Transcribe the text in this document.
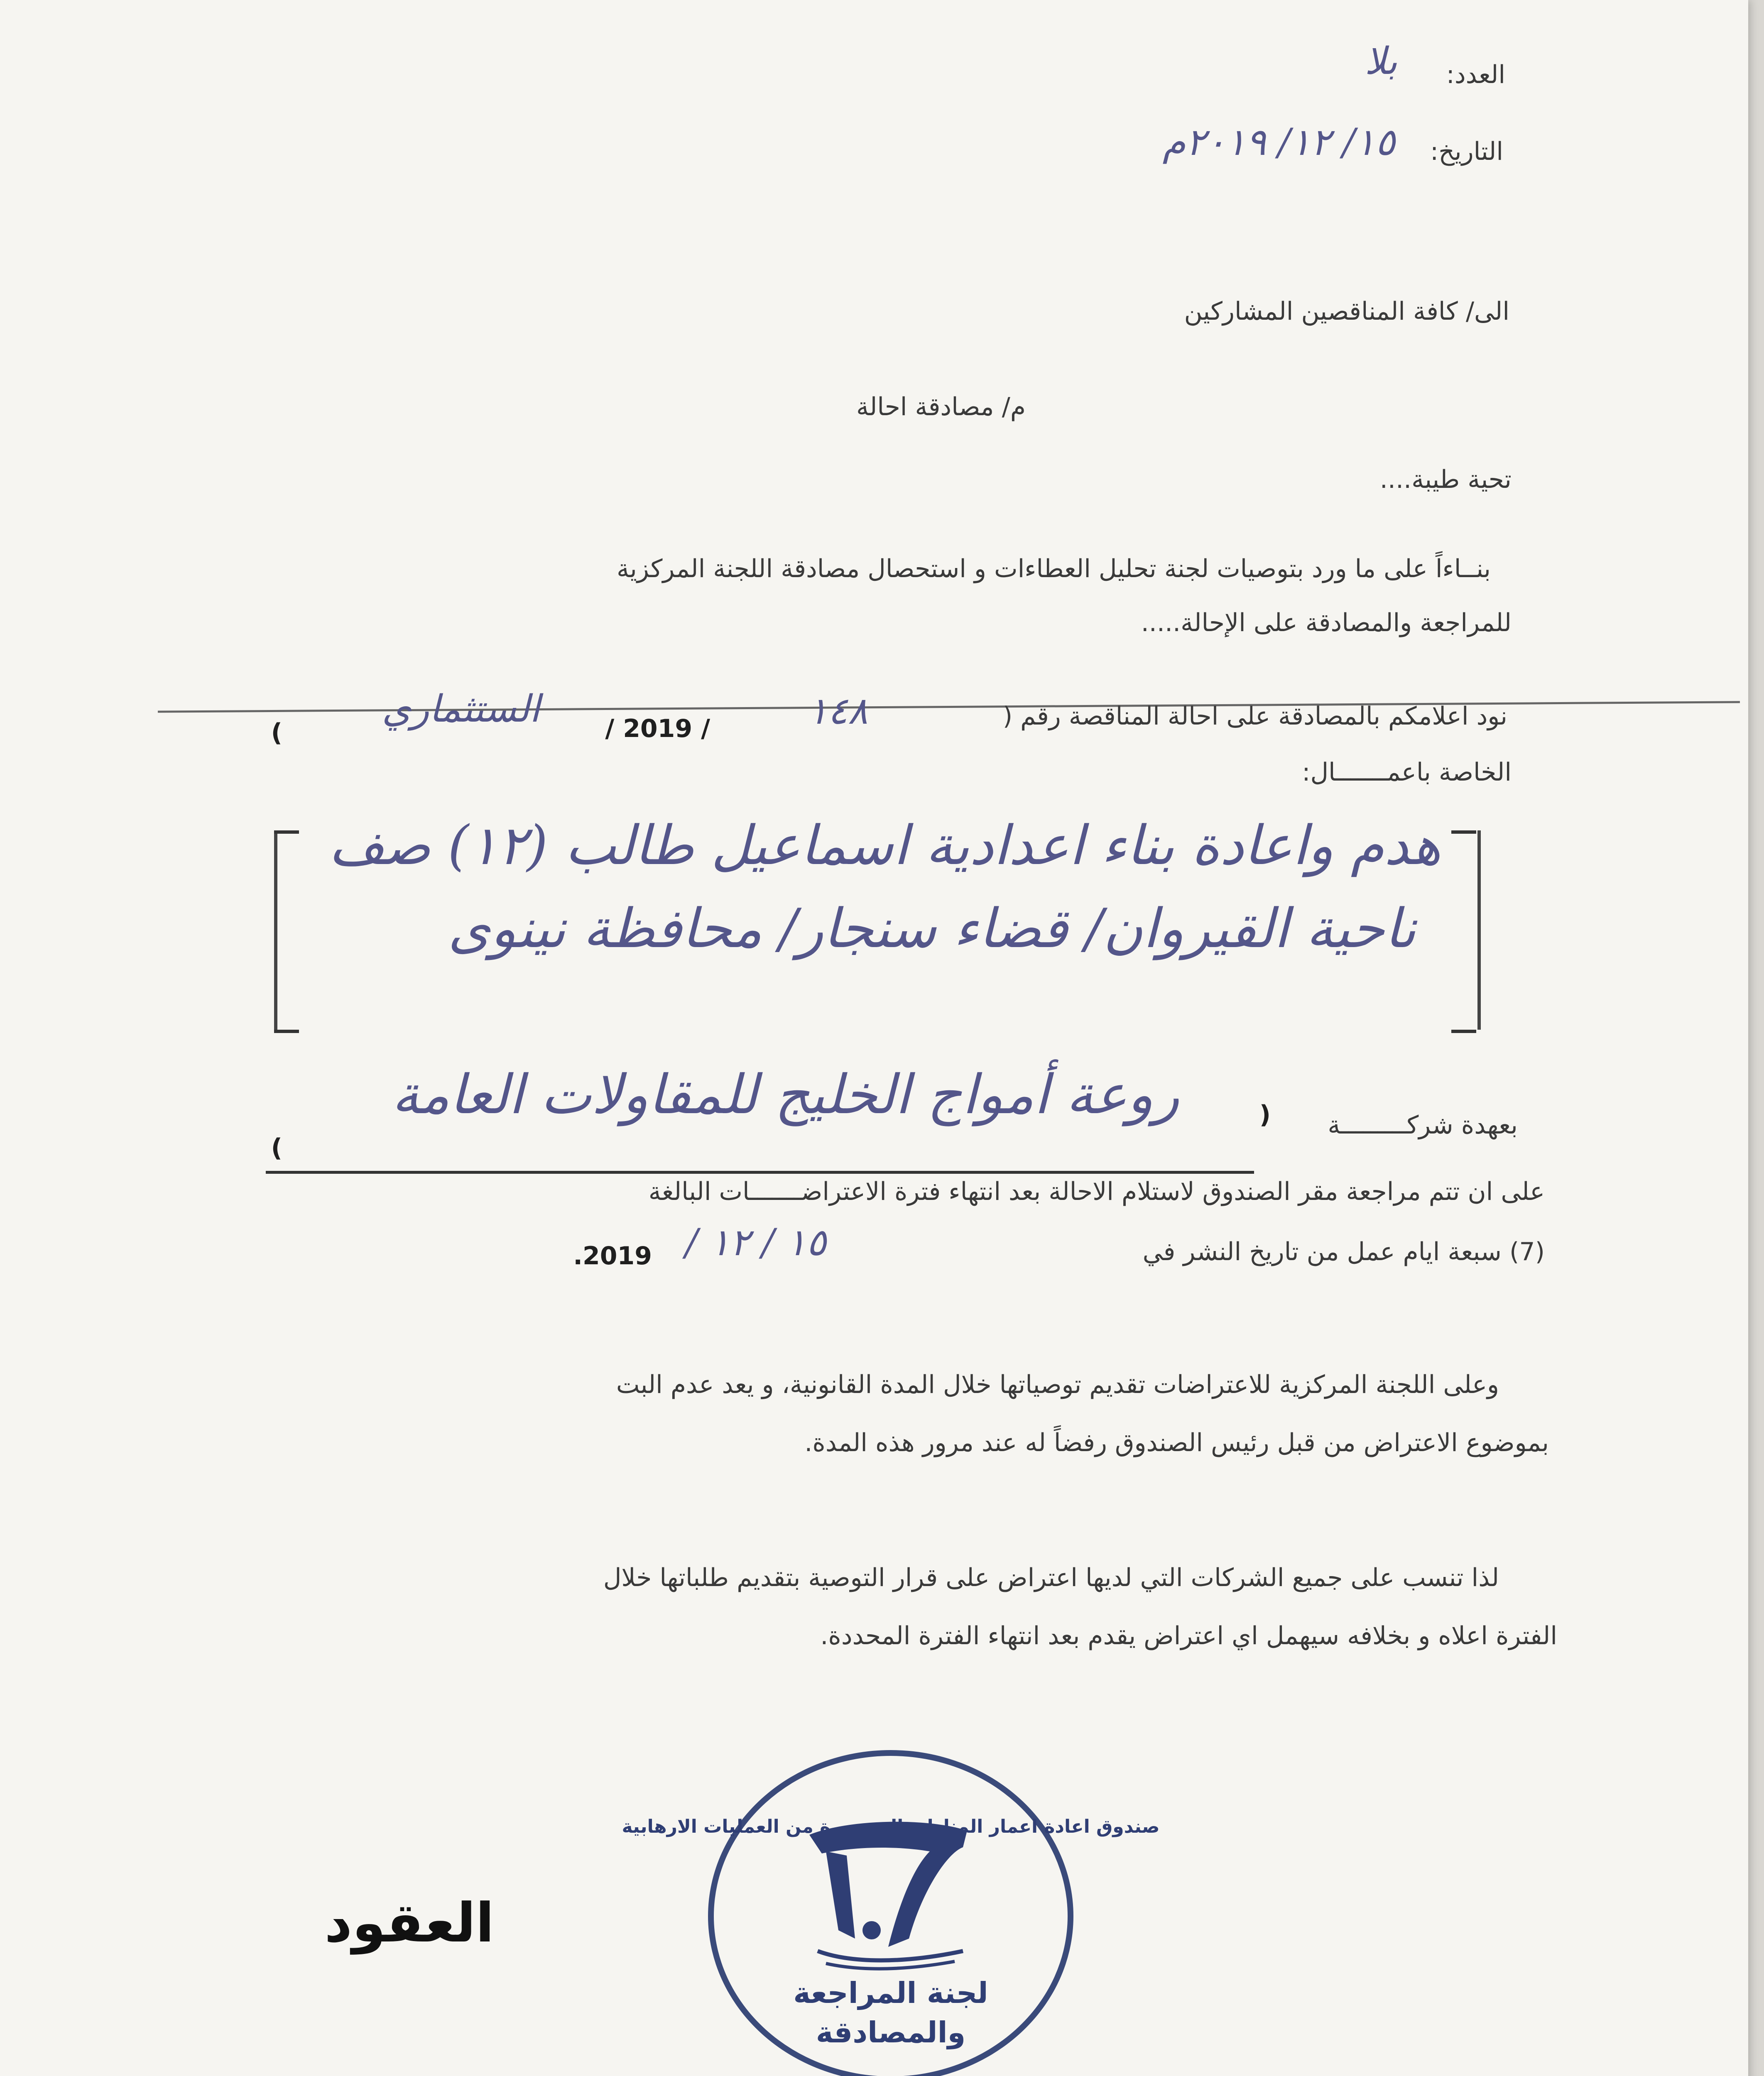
العدد:
بلا
التاريخ:
١٥/ ١٢/ ٢٠١٩م
الى/ كافة المناقصين المشاركين
م/ مصادقة احالة
تحية طيبة....
بنــاءاً على ما ورد بتوصيات لجنة تحليل العطاءات و استحصال مصادقة اللجنة المركزية
للمراجعة والمصادقة على الإحالة.....
نود اعلامكم بالمصادقة على احالة المناقصة رقم (
١٤٨
/ 2019 /
الستثماري
)
الخاصة باعمـــــــال:
هدم واعادة بناء اعدادية اسماعيل طالب (١٢) صف
ناحية القيروان/ قضاء سنجار/ محافظة نينوى
بعهدة شركـــــــــة
روعة أمواج الخليج للمقاولات العامة	(
)
على ان تتم مراجعة مقر الصندوق لاستلام الاحالة بعد انتهاء فترة الاعتراضـــــــات البالغة
(7) سبعة ايام عمل من تاريخ النشر في
2019. ١٥ / ١٢ /
وعلى اللجنة المركزية للاعتراضات تقديم توصياتها خلال المدة القانونية، و يعد عدم البت
بموضوع الاعتراض من قبل رئيس الصندوق رفضاً له عند مرور هذه المدة.
لذا تنسب على جميع الشركات التي لديها اعتراض على قرار التوصية بتقديم طلباتها خلال
الفترة اعلاه و بخلافه سيهمل اي اعتراض يقدم بعد انتهاء الفترة المحددة.
العقود
صندوق اعادة اعمار المناطق المتضررة من العمليات الارهابية
لجنة المراجعة
والمصادقة
